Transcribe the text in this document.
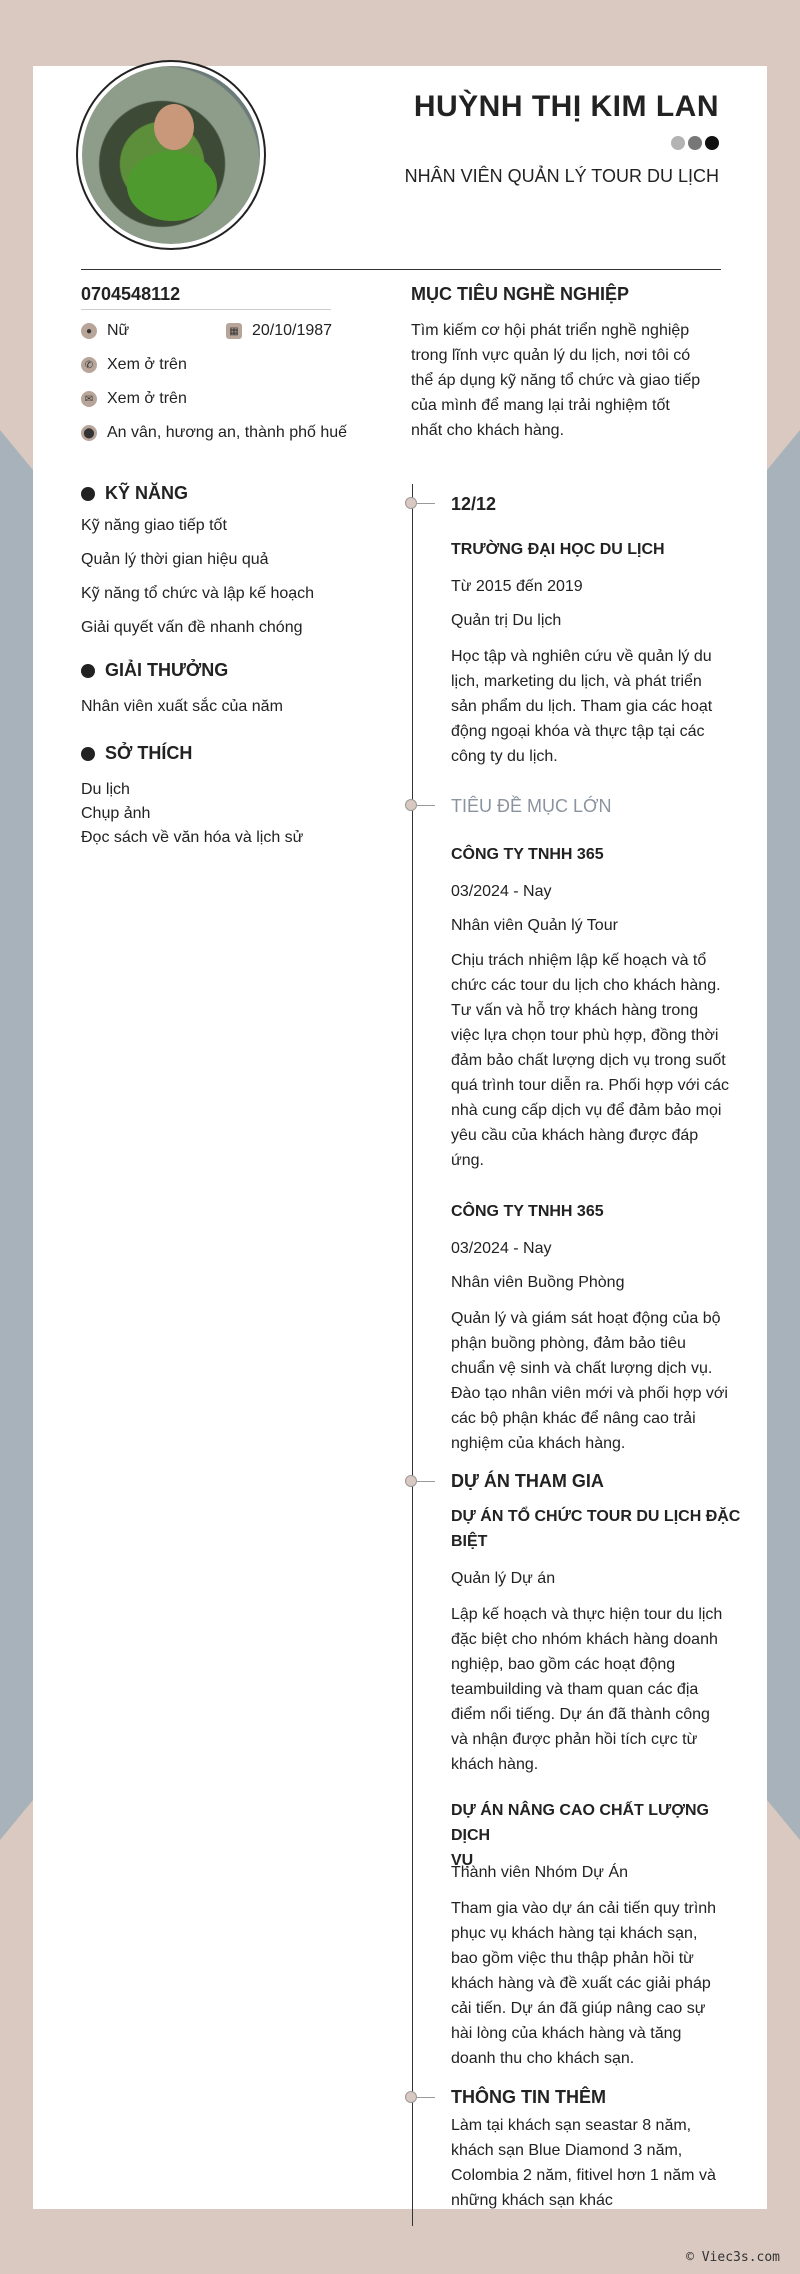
HUỲNH THỊ KIM LAN
NHÂN VIÊN QUẢN LÝ TOUR DU LỊCH
0704548112
● Nữ	▦ 20/10/1987
✆ Xem ở trên
✉ Xem ở trên
⬤ An vân, hương an, thành phố huế
MỤC TIÊU NGHỀ NGHIỆP
Tìm kiếm cơ hội phát triển nghề nghiệp
trong lĩnh vực quản lý du lịch, nơi tôi có
thể áp dụng kỹ năng tổ chức và giao tiếp
của mình để mang lại trải nghiệm tốt
nhất cho khách hàng.
KỸ NĂNG
Kỹ năng giao tiếp tốt
Quản lý thời gian hiệu quả
Kỹ năng tổ chức và lập kế hoạch
Giải quyết vấn đề nhanh chóng
GIẢI THƯỞNG
Nhân viên xuất sắc của năm
SỞ THÍCH
Du lịch
Chụp ảnh
Đọc sách về văn hóa và lịch sử
12/12
TRƯỜNG ĐẠI HỌC DU LỊCH
Từ 2015 đến 2019
Quản trị Du lịch
Học tập và nghiên cứu về quản lý du
lịch, marketing du lịch, và phát triển
sản phẩm du lịch. Tham gia các hoạt
động ngoại khóa và thực tập tại các
công ty du lịch.
TIÊU ĐỀ MỤC LỚN
CÔNG TY TNHH 365
03/2024 - Nay
Nhân viên Quản lý Tour
Chịu trách nhiệm lập kế hoạch và tổ
chức các tour du lịch cho khách hàng.
Tư vấn và hỗ trợ khách hàng trong
việc lựa chọn tour phù hợp, đồng thời
đảm bảo chất lượng dịch vụ trong suốt
quá trình tour diễn ra. Phối hợp với các
nhà cung cấp dịch vụ để đảm bảo mọi
yêu cầu của khách hàng được đáp
ứng.
CÔNG TY TNHH 365
03/2024 - Nay
Nhân viên Buồng Phòng
Quản lý và giám sát hoạt động của bộ
phận buồng phòng, đảm bảo tiêu
chuẩn vệ sinh và chất lượng dịch vụ.
Đào tạo nhân viên mới và phối hợp với
các bộ phận khác để nâng cao trải
nghiệm của khách hàng.
DỰ ÁN THAM GIA
DỰ ÁN TỔ CHỨC TOUR DU LỊCH ĐẶC
BIỆT
Quản lý Dự án
Lập kế hoạch và thực hiện tour du lịch
đặc biệt cho nhóm khách hàng doanh
nghiệp, bao gồm các hoạt động
teambuilding và tham quan các địa
điểm nổi tiếng. Dự án đã thành công
và nhận được phản hồi tích cực từ
khách hàng.
DỰ ÁN NÂNG CAO CHẤT LƯỢNG DỊCH
VỤ
Thành viên Nhóm Dự Án
Tham gia vào dự án cải tiến quy trình
phục vụ khách hàng tại khách sạn,
bao gồm việc thu thập phản hồi từ
khách hàng và đề xuất các giải pháp
cải tiến. Dự án đã giúp nâng cao sự
hài lòng của khách hàng và tăng
doanh thu cho khách sạn.
THÔNG TIN THÊM
Làm tại khách sạn seastar 8 năm,
khách sạn Blue Diamond 3 năm,
Colombia 2 năm, fitivel hơn 1 năm và
những khách sạn khác
© Viec3s.com
